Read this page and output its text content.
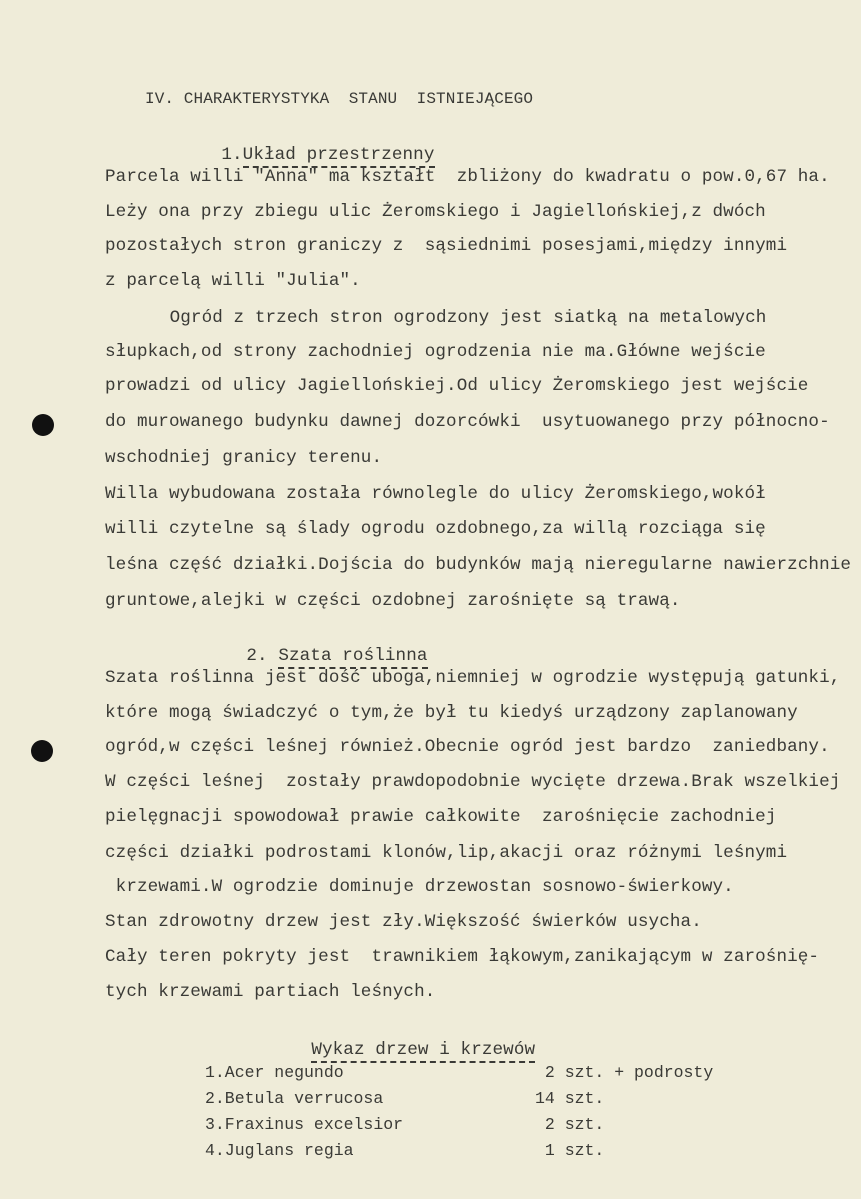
IV. CHARAKTERYSTYKA  STANU  ISTNIEJĄCEGO

1.Układ przestrzenny

Parcela willi "Anna" ma kształt  zbliżony do kwadratu o pow.0,67 ha.
Leży ona przy zbiegu ulic Żeromskiego i Jagiellońskiej,z dwóch
pozostałych stron graniczy z  sąsiednimi posesjami,między innymi
z parcelą willi "Julia".
Ogród z trzech stron ogrodzony jest siatką na metalowych
słupkach,od strony zachodniej ogrodzenia nie ma.Główne wejście
prowadzi od ulicy Jagiellońskiej.Od ulicy Żeromskiego jest wejście
do murowanego budynku dawnej dozorcówki  usytuowanego przy północno-
wschodniej granicy terenu.
Willa wybudowana została równolegle do ulicy Żeromskiego,wokół
willi czytelne są ślady ogrodu ozdobnego,za willą rozciąga się
leśna część działki.Dojścia do budynków mają nieregularne nawierzchnie
gruntowe,alejki w części ozdobnej zarośnięte są trawą.

2. Szata roślinna

Szata roślinna jest dość uboga,niemniej w ogrodzie występują gatunki,
które mogą świadczyć o tym,że był tu kiedyś urządzony zaplanowany
ogród,w części leśnej również.Obecnie ogród jest bardzo  zaniedbany.
W części leśnej  zostały prawdopodobnie wycięte drzewa.Brak wszelkiej
pielęgnacji spowodował prawie całkowite  zarośnięcie zachodniej
części działki podrostami klonów,lip,akacji oraz różnymi leśnymi
krzewami.W ogrodzie dominuje drzewostan sosnowo-świerkowy.
Stan zdrowotny drzew jest zły.Większość świerków usycha.
Cały teren pokryty jest  trawnikiem łąkowym,zanikającym w zarośnię-
tych krzewami partiach leśnych.

Wykaz drzew i krzewów

1.Acer negundo	2 szt. + podrosty
2.Betula verrucosa	14 szt.
3.Fraxinus excelsior	2 szt.
4.Juglans regia	1 szt.
